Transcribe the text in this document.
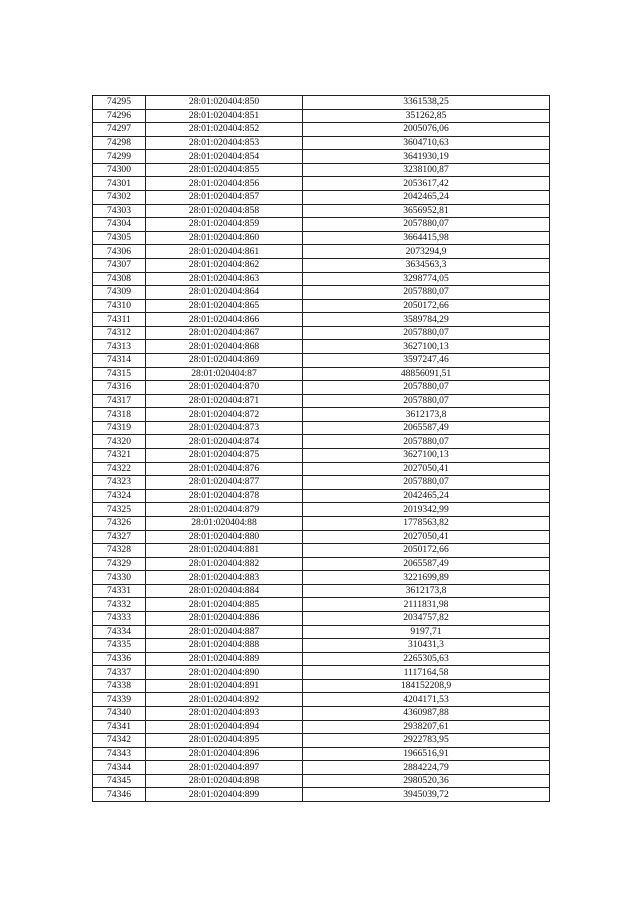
74295	28:01:020404:850	3361538,25
74296	28:01:020404:851	351262,85
74297	28:01:020404:852	2005076,06
74298	28:01:020404:853	3604710,63
74299	28:01:020404:854	3641930,19
74300	28:01:020404:855	3238100,87
74301	28:01:020404:856	2053617,42
74302	28:01:020404:857	2042465,24
74303	28:01:020404:858	3656952,81
74304	28:01:020404:859	2057880,07
74305	28:01:020404:860	3664415,98
74306	28:01:020404:861	2073294,9
74307	28:01:020404:862	3634563,3
74308	28:01:020404:863	3298774,05
74309	28:01:020404:864	2057880,07
74310	28:01:020404:865	2050172,66
74311	28:01:020404:866	3589784,29
74312	28:01:020404:867	2057880,07
74313	28:01:020404:868	3627100,13
74314	28:01:020404:869	3597247,46
74315	28:01:020404:87	48856091,51
74316	28:01:020404:870	2057880,07
74317	28:01:020404:871	2057880,07
74318	28:01:020404:872	3612173,8
74319	28:01:020404:873	2065587,49
74320	28:01:020404:874	2057880,07
74321	28:01:020404:875	3627100,13
74322	28:01:020404:876	2027050,41
74323	28:01:020404:877	2057880,07
74324	28:01:020404:878	2042465,24
74325	28:01:020404:879	2019342,99
74326	28:01:020404:88	1778563,82
74327	28:01:020404:880	2027050,41
74328	28:01:020404:881	2050172,66
74329	28:01:020404:882	2065587,49
74330	28:01:020404:883	3221699,89
74331	28:01:020404:884	3612173,8
74332	28:01:020404:885	2111831,98
74333	28:01:020404:886	2034757,82
74334	28:01:020404:887	9197,71
74335	28:01:020404:888	310431,3
74336	28:01:020404:889	2265305,63
74337	28:01:020404:890	1117164,58
74338	28:01:020404:891	184152208,9
74339	28:01:020404:892	4204171,53
74340	28:01:020404:893	4360987,88
74341	28:01:020404:894	2938207,61
74342	28:01:020404:895	2922783,95
74343	28:01:020404:896	1966516,91
74344	28:01:020404:897	2884224,79
74345	28:01:020404:898	2980520,36
74346	28:01:020404:899	3945039,72
